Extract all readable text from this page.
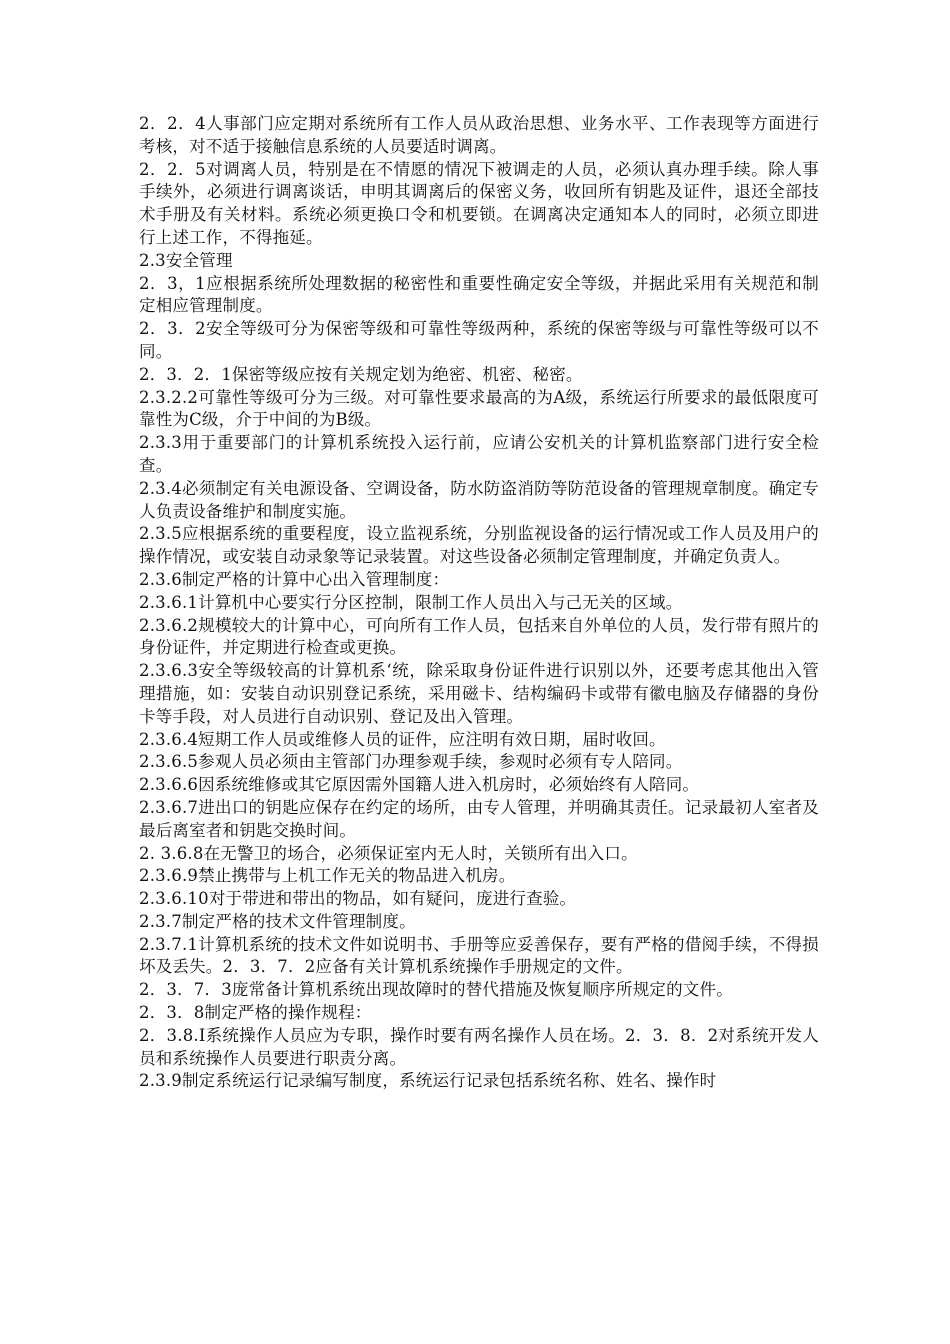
2．2．4人事部门应定期对系统所有工作人员从政治思想、业务水平、工作表现等方面进行考核，对不适于接触信息系统的人员要适时调离。

2．2．5对调离人员，特别是在不情愿的情况下被调走的人员，必须认真办理手续。除人事手续外，必须进行调离谈话，申明其调离后的保密义务，收回所有钥匙及证件，退还全部技术手册及有关材料。系统必须更换口令和机要锁。在调离决定通知本人的同时，必须立即进行上述工作，不得拖延。

2.3安全管理

2．3，1应根据系统所处理数据的秘密性和重要性确定安全等级，并据此采用有关规范和制定相应管理制度。

2．3．2安全等级可分为保密等级和可靠性等级两种，系统的保密等级与可靠性等级可以不同。

2．3．2．1保密等级应按有关规定划为绝密、机密、秘密。

2.3.2.2可靠性等级可分为三级。对可靠性要求最高的为A级，系统运行所要求的最低限度可靠性为C级，介于中间的为B级。

2.3.3用于重要部门的计算机系统投入运行前，应请公安机关的计算机监察部门进行安全检查。

2.3.4必须制定有关电源设备、空调设备，防水防盗消防等防范设备的管理规章制度。确定专人负责设备维护和制度实施。

2.3.5应根据系统的重要程度，设立监视系统，分别监视设备的运行情况或工作人员及用户的操作情况，或安装自动录象等记录装置。对这些设备必须制定管理制度，并确定负责人。

2.3.6制定严格的计算中心出入管理制度：

2.3.6.1计算机中心要实行分区控制，限制工作人员出入与己无关的区域。

2.3.6.2规模较大的计算中心，可向所有工作人员，包括来自外单位的人员，发行带有照片的身份证件，并定期进行检查或更换。

2.3.6.3安全等级较高的计算机系‘统，除采取身份证件进行识别以外，还要考虑其他出入管理措施，如：安装自动识别登记系统，采用磁卡、结构编码卡或带有徽电脑及存储器的身份卡等手段，对人员进行自动识别、登记及出入管理。

2.3.6.4短期工作人员或维修人员的证件，应注明有效日期，届时收回。

2.3.6.5参观人员必须由主管部门办理参观手续，参观时必须有专人陪同。

2.3.6.6因系统维修或其它原因需外国籍人进入机房时，必须始终有人陪同。

2.3.6.7进出口的钥匙应保存在约定的场所，由专人管理，并明确其责任。记录最初人室者及最后离室者和钥匙交换时间。

2. 3.6.8在无警卫的场合，必须保证室内无人时，关锁所有出入口。

2.3.6.9禁止携带与上机工作无关的物品进入机房。

2.3.6.10对于带进和带出的物品，如有疑问，庞进行查验。

2.3.7制定严格的技术文件管理制度。

2.3.7.1计算机系统的技术文件如说明书、手册等应妥善保存，要有严格的借阅手续，不得损坏及丢失。2．3．7．2应备有关计算机系统操作手册规定的文件。

2．3．7．3庞常备计算机系统出现故障时的替代措施及恢复顺序所规定的文件。

2．3．8制定严格的操作规程：

2．3.8.I系统操作人员应为专职，操作时要有两名操作人员在场。2．3．8．2对系统开发人员和系统操作人员要进行职责分离。

2.3.9制定系统运行记录编写制度，系统运行记录包括系统名称、姓名、操作时
